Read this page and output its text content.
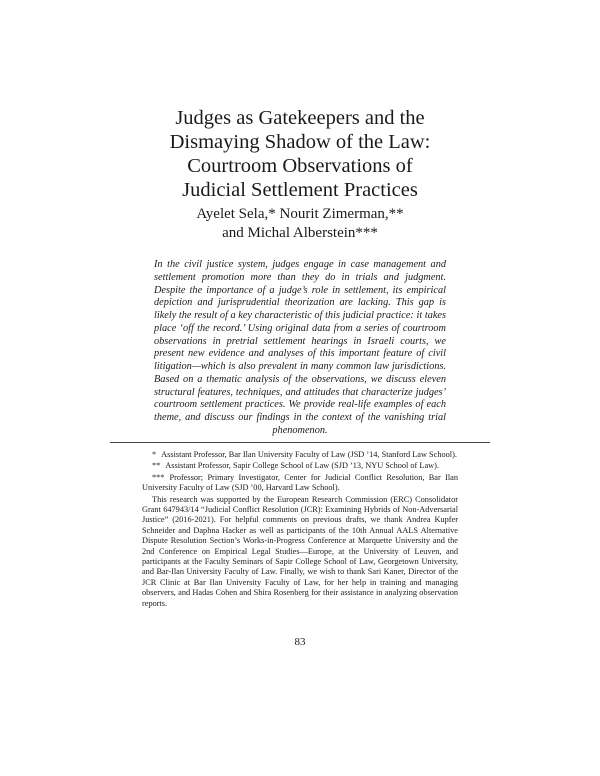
Judges as Gatekeepers and the
Dismaying Shadow of the Law:
Courtroom Observations of
Judicial Settlement Practices
Ayelet Sela,* Nourit Zimerman,**
and Michal Alberstein***
In the civil justice system, judges engage in case management and settlement promotion more than they do in trials and judgment. Despite the importance of a judge’s role in settlement, its empirical depiction and jurisprudential theorization are lacking. This gap is likely the result of a key characteristic of this judicial practice: it takes place ‘off the record.’ Using original data from a series of courtroom observations in pretrial settlement hearings in Israeli courts, we present new evidence and analyses of this important feature of civil litigation—which is also prevalent in many common law jurisdictions. Based on a thematic analysis of the observations, we discuss eleven structural features, techniques, and attitudes that characterize judges’ courtroom settlement practices. We provide real-life examples of each theme, and discuss our findings in the context of the vanishing trial phenomenon.

* Assistant Professor, Bar Ilan University Faculty of Law (JSD ’14, Stanford Law School).

** Assistant Professor, Sapir College School of Law (SJD ’13, NYU School of Law).

*** Professor; Primary Investigator, Center for Judicial Conflict Resolution, Bar Ilan University Faculty of Law (SJD ’00, Harvard Law School).

This research was supported by the European Research Commission (ERC) Consolidator Grant 647943/14 “Judicial Conflict Resolution (JCR): Examining Hybrids of Non-Adversarial Justice” (2016-2021). For helpful comments on previous drafts, we thank Andrea Kupfer Schneider and Daphna Hacker as well as participants of the 10th Annual AALS Alternative Dispute Resolution Section’s Works-in-Progress Conference at Marquette University and the 2nd Conference on Empirical Legal Studies—Europe, at the University of Leuven, and participants at the Faculty Seminars of Sapir College School of Law, Georgetown University, and Bar-Ilan University Faculty of Law. Finally, we wish to thank Sari Kaner, Director of the JCR Clinic at Bar Ilan University Faculty of Law, for her help in training and managing observers, and Hadas Cohen and Shira Rosenberg for their assistance in analyzing observation reports.

83
